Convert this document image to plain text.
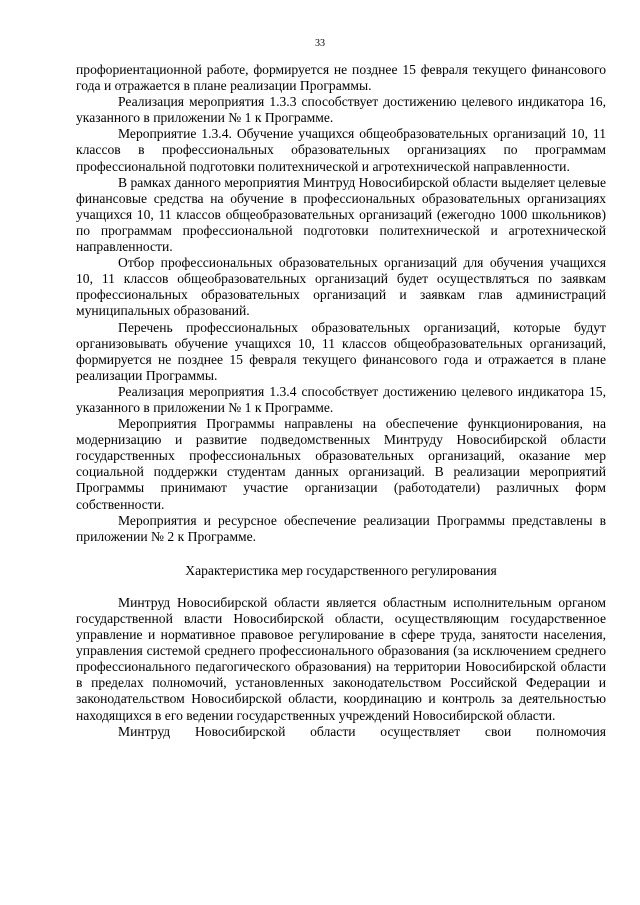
33

профориентационной работе, формируется не позднее 15 февраля текущего финансового года и отражается в плане реализации Программы.

Реализация мероприятия 1.3.3 способствует достижению целевого индикатора 16, указанного в приложении № 1 к Программе.

Мероприятие 1.3.4. Обучение учащихся общеобразовательных организаций 10, 11 классов в профессиональных образовательных организациях по программам профессиональной подготовки политехнической и агротехнической направленности.

В рамках данного мероприятия Минтруд Новосибирской области выделяет целевые финансовые средства на обучение в профессиональных образовательных организациях учащихся 10, 11 классов общеобразовательных организаций (ежегодно 1000 школьников) по программам профессиональной подготовки политехнической и агротехнической направленности.

Отбор профессиональных образовательных организаций для обучения учащихся 10, 11 классов общеобразовательных организаций будет осуществляться по заявкам профессиональных образовательных организаций и заявкам глав администраций муниципальных образований.

Перечень профессиональных образовательных организаций, которые будут организовывать обучение учащихся 10, 11 классов общеобразовательных организаций, формируется не позднее 15 февраля текущего финансового года и отражается в плане реализации Программы.

Реализация мероприятия 1.3.4 способствует достижению целевого индикатора 15, указанного в приложении № 1 к Программе.

Мероприятия Программы направлены на обеспечение функционирования, на модернизацию и развитие подведомственных Минтруду Новосибирской области государственных профессиональных образовательных организаций, оказание мер социальной поддержки студентам данных организаций. В реализации мероприятий Программы принимают участие организации (работодатели) различных форм собственности.

Мероприятия и ресурсное обеспечение реализации Программы представлены в приложении № 2 к Программе.

Характеристика мер государственного регулирования

Минтруд Новосибирской области является областным исполнительным органом государственной власти Новосибирской области, осуществляющим государственное управление и нормативное правовое регулирование в сфере труда, занятости населения, управления системой среднего профессионального образования (за исключением среднего профессионального педагогического образования) на территории Новосибирской области в пределах полномочий, установленных законодательством Российской Федерации и законодательством Новосибирской области, координацию и контроль за деятельностью находящихся в его ведении государственных учреждений Новосибирской области.

Минтруд Новосибирской области осуществляет свои полномочия
